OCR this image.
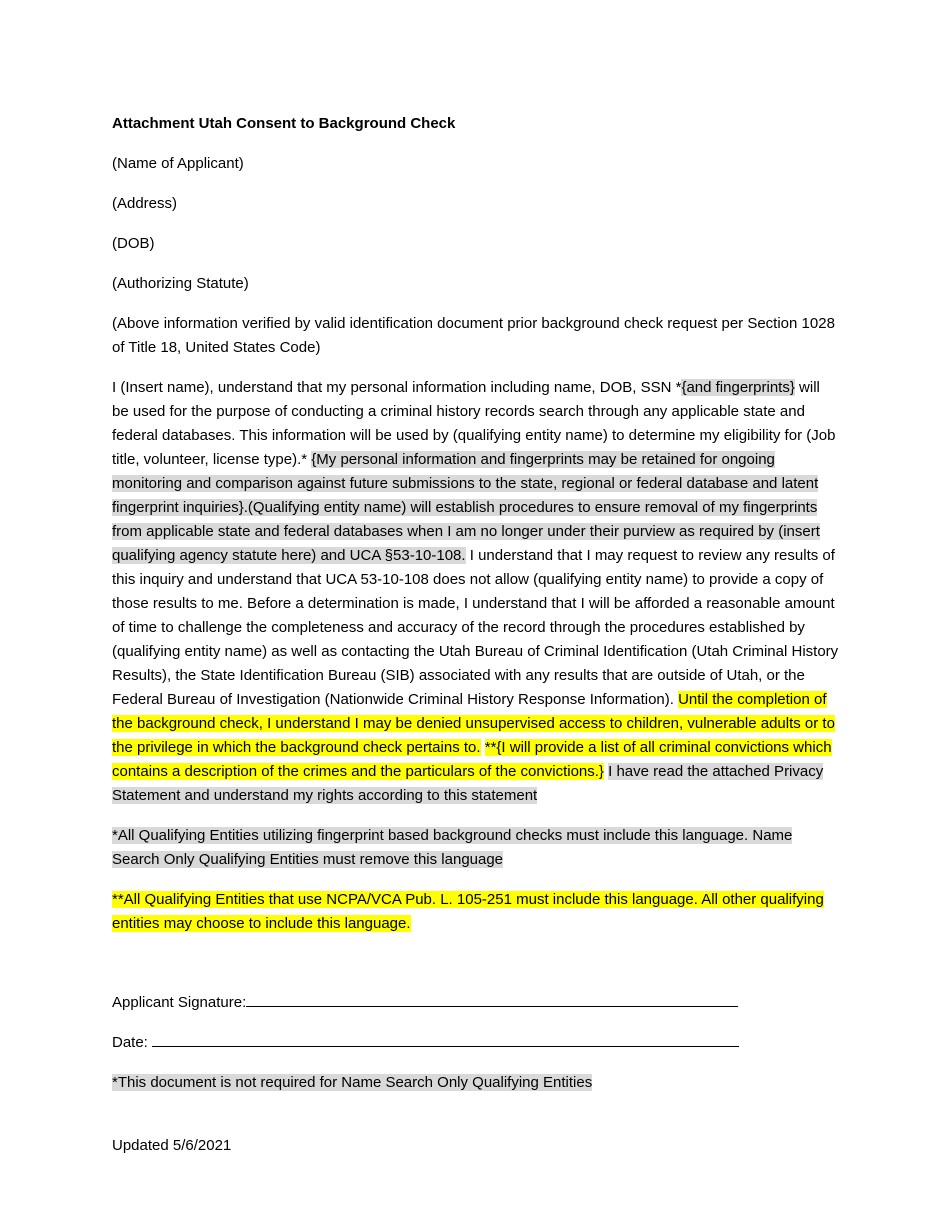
Attachment Utah Consent to Background Check

(Name of Applicant)

(Address)

(DOB)

(Authorizing Statute)

(Above information verified by valid identification document prior background check request per Section 1028 of Title 18, United States Code)

I (Insert name), understand that my personal information including name, DOB, SSN *{and fingerprints} will be used for the purpose of conducting a criminal history records search through any applicable state and federal databases. This information will be used by (qualifying entity name) to determine my eligibility for (Job title, volunteer, license type).* {My personal information and fingerprints may be retained for ongoing monitoring and comparison against future submissions to the state, regional or federal database and latent fingerprint inquiries}.(Qualifying entity name) will establish procedures to ensure removal of my fingerprints from applicable state and federal databases when I am no longer under their purview as required by (insert qualifying agency statute here) and UCA §53-10-108. I understand that I may request to review any results of this inquiry and understand that UCA 53-10-108 does not allow (qualifying entity name) to provide a copy of those results to me. Before a determination is made, I understand that I will be afforded a reasonable amount of time to challenge the completeness and accuracy of the record through the procedures established by (qualifying entity name) as well as contacting the Utah Bureau of Criminal Identification (Utah Criminal History Results), the State Identification Bureau (SIB) associated with any results that are outside of Utah, or the Federal Bureau of Investigation (Nationwide Criminal History Response Information). Until the completion of the background check, I understand I may be denied unsupervised access to children, vulnerable adults or to the privilege in which the background check pertains to. **{I will provide a list of all criminal convictions which contains a description of the crimes and the particulars of the convictions.} I have read the attached Privacy Statement and understand my rights according to this statement

*All Qualifying Entities utilizing fingerprint based background checks must include this language. Name Search Only Qualifying Entities must remove this language

**All Qualifying Entities that use NCPA/VCA Pub. L. 105-251 must include this language. All other qualifying entities may choose to include this language.

Applicant Signature:

Date:

*This document is not required for Name Search Only Qualifying Entities

Updated 5/6/2021
